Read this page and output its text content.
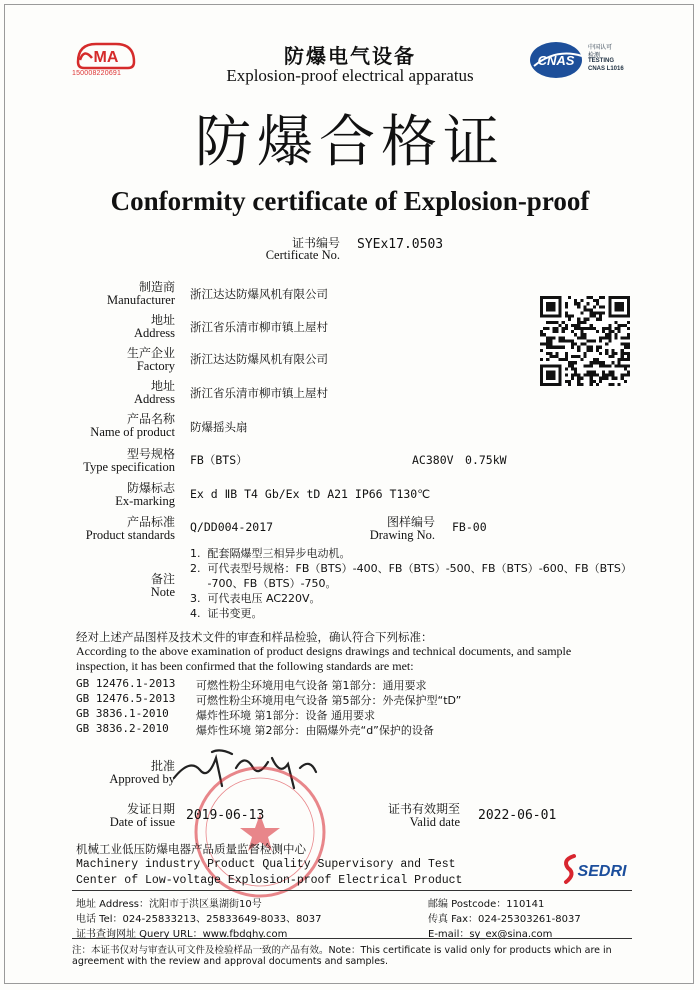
MA
150008220691
防爆电气设备
Explosion-proof electrical apparatus
CNAS
中国认可
检测
TESTING
CNAS L1016
防爆合格证
Conformity certificate of Explosion-proof
证书编号
Certificate No.
SYEx17.0503
制造商
Manufacturer 浙江达达防爆风机有限公司
地址
Address 浙江省乐清市柳市镇上屋村
生产企业
Factory 浙江达达防爆风机有限公司
地址
Address 浙江省乐清市柳市镇上屋村
产品名称
Name of product 防爆摇头扇
型号规格
Type specification FB（BTS）	AC380V　0.75kW
防爆标志
Ex-marking Ex d ⅡB T4 Gb/Ex tD A21 IP66 T130℃
产品标准
Product standards
Q/DD004-2017	图样编号
Drawing No.
FB-00
备注
Note
1.  配套隔爆型三相异步电动机。
2.  可代表型号规格：FB（BTS）-400、FB（BTS）-500、FB（BTS）-600、FB（BTS）
-700、FB（BTS）-750。
3.  可代表电压 AC220V。
4.  证书变更。
经对上述产品图样及技术文件的审查和样品检验，确认符合下列标准：
According to the above examination of product designs drawings and technical documents, and sample
inspection, it has been confirmed that the following standards are met:
GB 12476.1-2013 可燃性粉尘环境用电气设备 第1部分：通用要求
GB 12476.5-2013 可燃性粉尘环境用电气设备 第5部分：外壳保护型“tD”
GB 3836.1-2010 爆炸性环境 第1部分：设备 通用要求
GB 3836.2-2010 爆炸性环境 第2部分：由隔爆外壳“d”保护的设备
批准
Approved by
发证日期
Date of issue 2019-06-13	证书有效期至
Valid date 2022-06-01
机械工业低压防爆电器产品质量监督检测中心
Machinery industry Product Quality Supervisory and Test
Center of Low-voltage Explosion-proof Electrical Product
SEDRI
地址 Address：沈阳市于洪区巢湖街10号	邮编 Postcode：110141
电话 Tel：024-25833213、25833649-8033、8037	传真 Fax：024-25303261-8037
证书查询网址 Query URL：www.fbdqhy.com	E-mail：sy_ex@sina.com
注：本证书仅对与审查认可文件及检验样品一致的产品有效。Note：This certificate is valid only for products which are in
agreement with the review and approval documents and samples.
